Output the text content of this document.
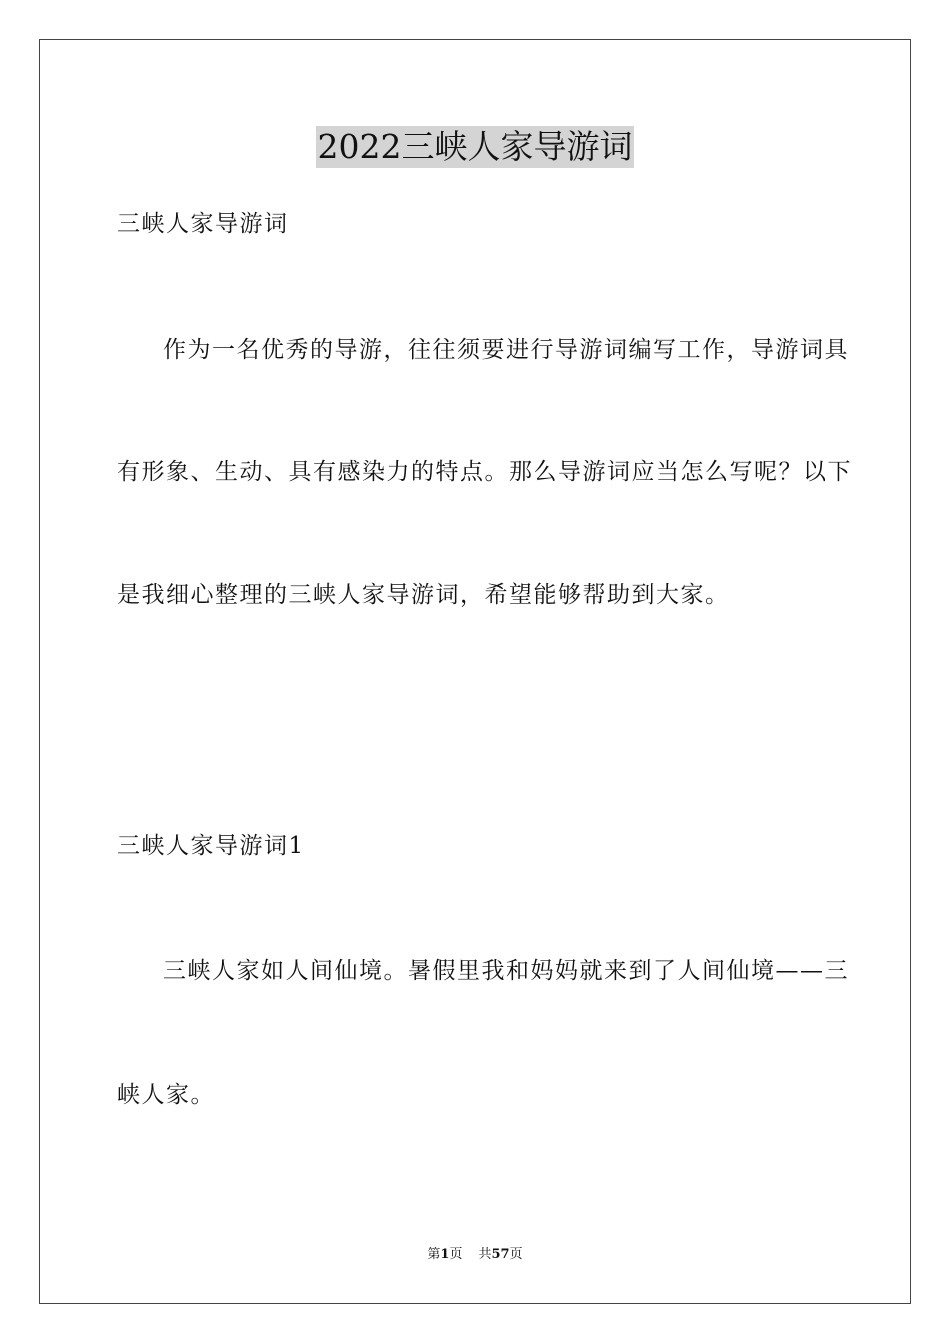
2022三峡人家导游词
三峡人家导游词
作为一名优秀的导游，往往须要进行导游词编写工作，导游词具
有形象、生动、具有感染力的特点。那么导游词应当怎么写呢？以下
是我细心整理的三峡人家导游词，希望能够帮助到大家。
三峡人家导游词1
三峡人家如人间仙境。暑假里我和妈妈就来到了人间仙境——三
峡人家。
第1页 共57页
